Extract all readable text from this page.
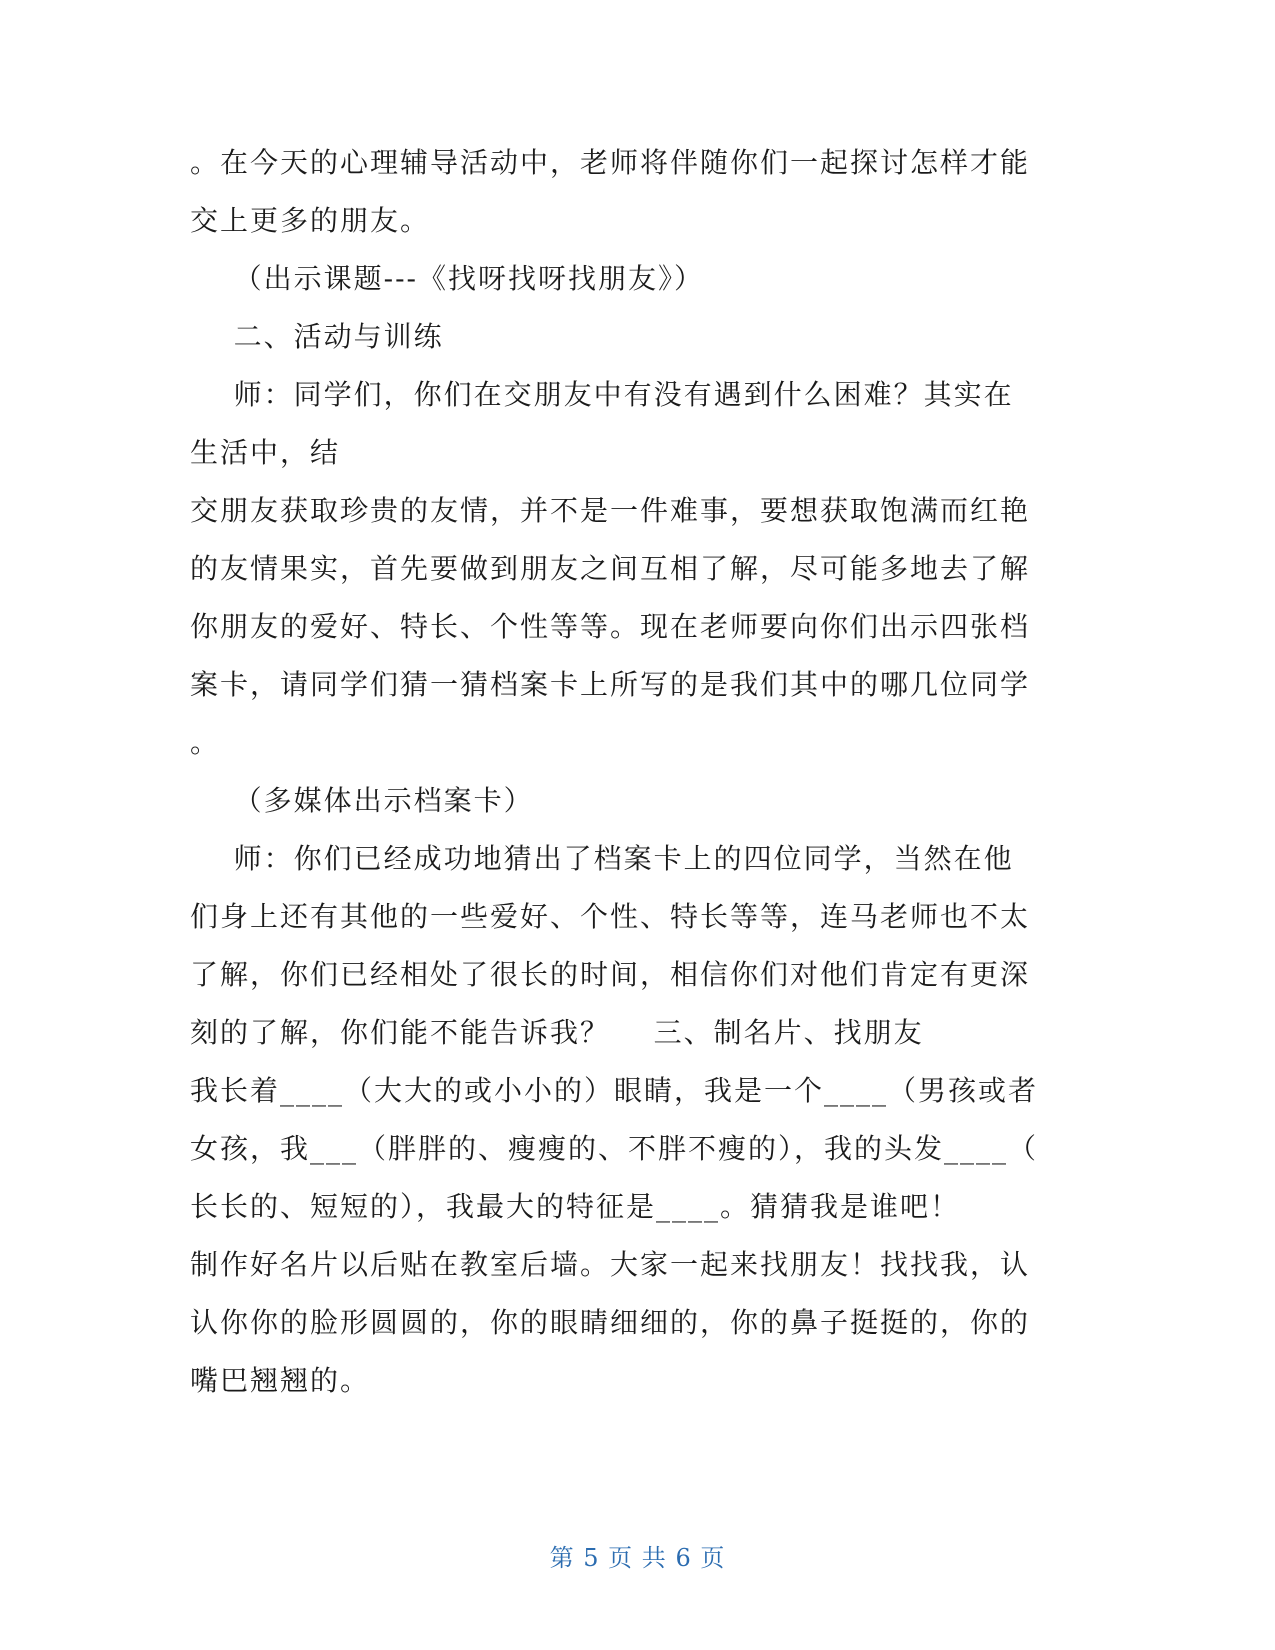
。在今天的心理辅导活动中，老师将伴随你们一起探讨怎样才能
交上更多的朋友。
（出示课题---《找呀找呀找朋友》）
二、活动与训练
师：同学们，你们在交朋友中有没有遇到什么困难？其实在
生活中，结
交朋友获取珍贵的友情，并不是一件难事，要想获取饱满而红艳
的友情果实，首先要做到朋友之间互相了解，尽可能多地去了解
你朋友的爱好、特长、个性等等。现在老师要向你们出示四张档
案卡，请同学们猜一猜档案卡上所写的是我们其中的哪几位同学
。
（多媒体出示档案卡）
师：你们已经成功地猜出了档案卡上的四位同学，当然在他
们身上还有其他的一些爱好、个性、特长等等，连马老师也不太
了解，你们已经相处了很长的时间，相信你们对他们肯定有更深
刻的了解，你们能不能告诉我？    三、制名片、找朋友
我长着____（大大的或小小的）眼睛，我是一个____（男孩或者
女孩，我___（胖胖的、瘦瘦的、不胖不瘦的），我的头发____（
长长的、短短的），我最大的特征是____。猜猜我是谁吧！
制作好名片以后贴在教室后墙。大家一起来找朋友！找找我，认
认你你的脸形圆圆的，你的眼睛细细的，你的鼻子挺挺的，你的
嘴巴翘翘的。
第 5 页 共 6 页
